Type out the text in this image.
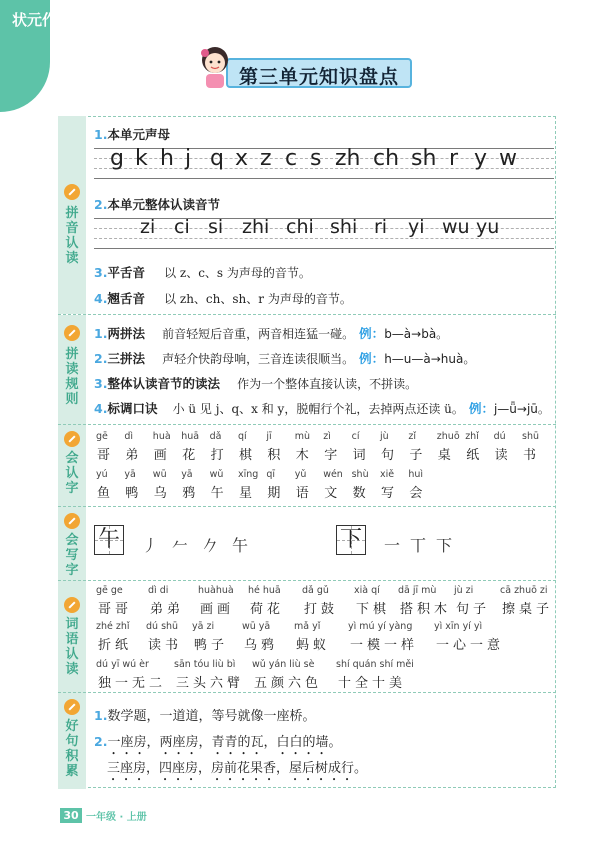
状元作业本
第三单元知识盘点
拼音认读
1.本单元声母
g k h j q x z c s zh ch sh r y w
2.本单元整体认读音节
zi ci si zhi chi shi ri yi wu yu
3.平舌音 以 z、c、s 为声母的音节。
4.翘舌音 以 zh、ch、sh、r 为声母的音节。
拼读规则
1.两拼法 前音轻短后音重，两音相连猛一碰。 例：b—à→bà。
2.三拼法 声轻介快韵母响，三音连读很顺当。 例：h—u—à→huà。
3.整体认读音节的读法 作为一个整体直接认读，不拼读。
4.标调口诀 小 ü 见 j、q、x 和 y，脱帽行个礼，去掉两点还读 ü。 例：j—ǖ→jū。
会认字
gē
哥
dì
弟
huà
画
huā
花
dǎ
打
qí
棋
jī
积
mù
木
zì
字
cí
词
jù
句
zǐ
子
zhuō
桌
zhǐ
纸
dú
读
shū
书
yú
鱼
yā
鸭
wū
乌
yā
鸦
wǔ
午
xīng
星
qī
期
yǔ
语
wén
文
shù
数
xiě
写
huì
会
会写字
午 丿 𠂉 𠂊 午	下 一 丅 下
词语认读
gē ge
哥哥
dì di
弟弟
huàhuà
画画
hé huā
荷花
dǎ gǔ
打鼓
xià qí
下棋
dā jī mù
搭积木
jù zi
句子
cā zhuō zi
擦桌子
zhé zhǐ
折纸
dú shū
读书
yā zi
鸭子
wū yā
乌鸦
mǎ yǐ
蚂蚁
yì mú yí yàng
一模一样
yì xīn yí yì
一心一意
dú yī wú èr
独一无二
sān tóu liù bì
三头六臂
wǔ yán liù sè
五颜六色
shí quán shí měi
十全十美
好句积累
1.数学题，一道道，等号就像一座桥。
2.一座房，两座房，青青的瓦，白白的墙。
三座房，四座房，房前花果香，屋后树成行。
30 一年级 · 上册
